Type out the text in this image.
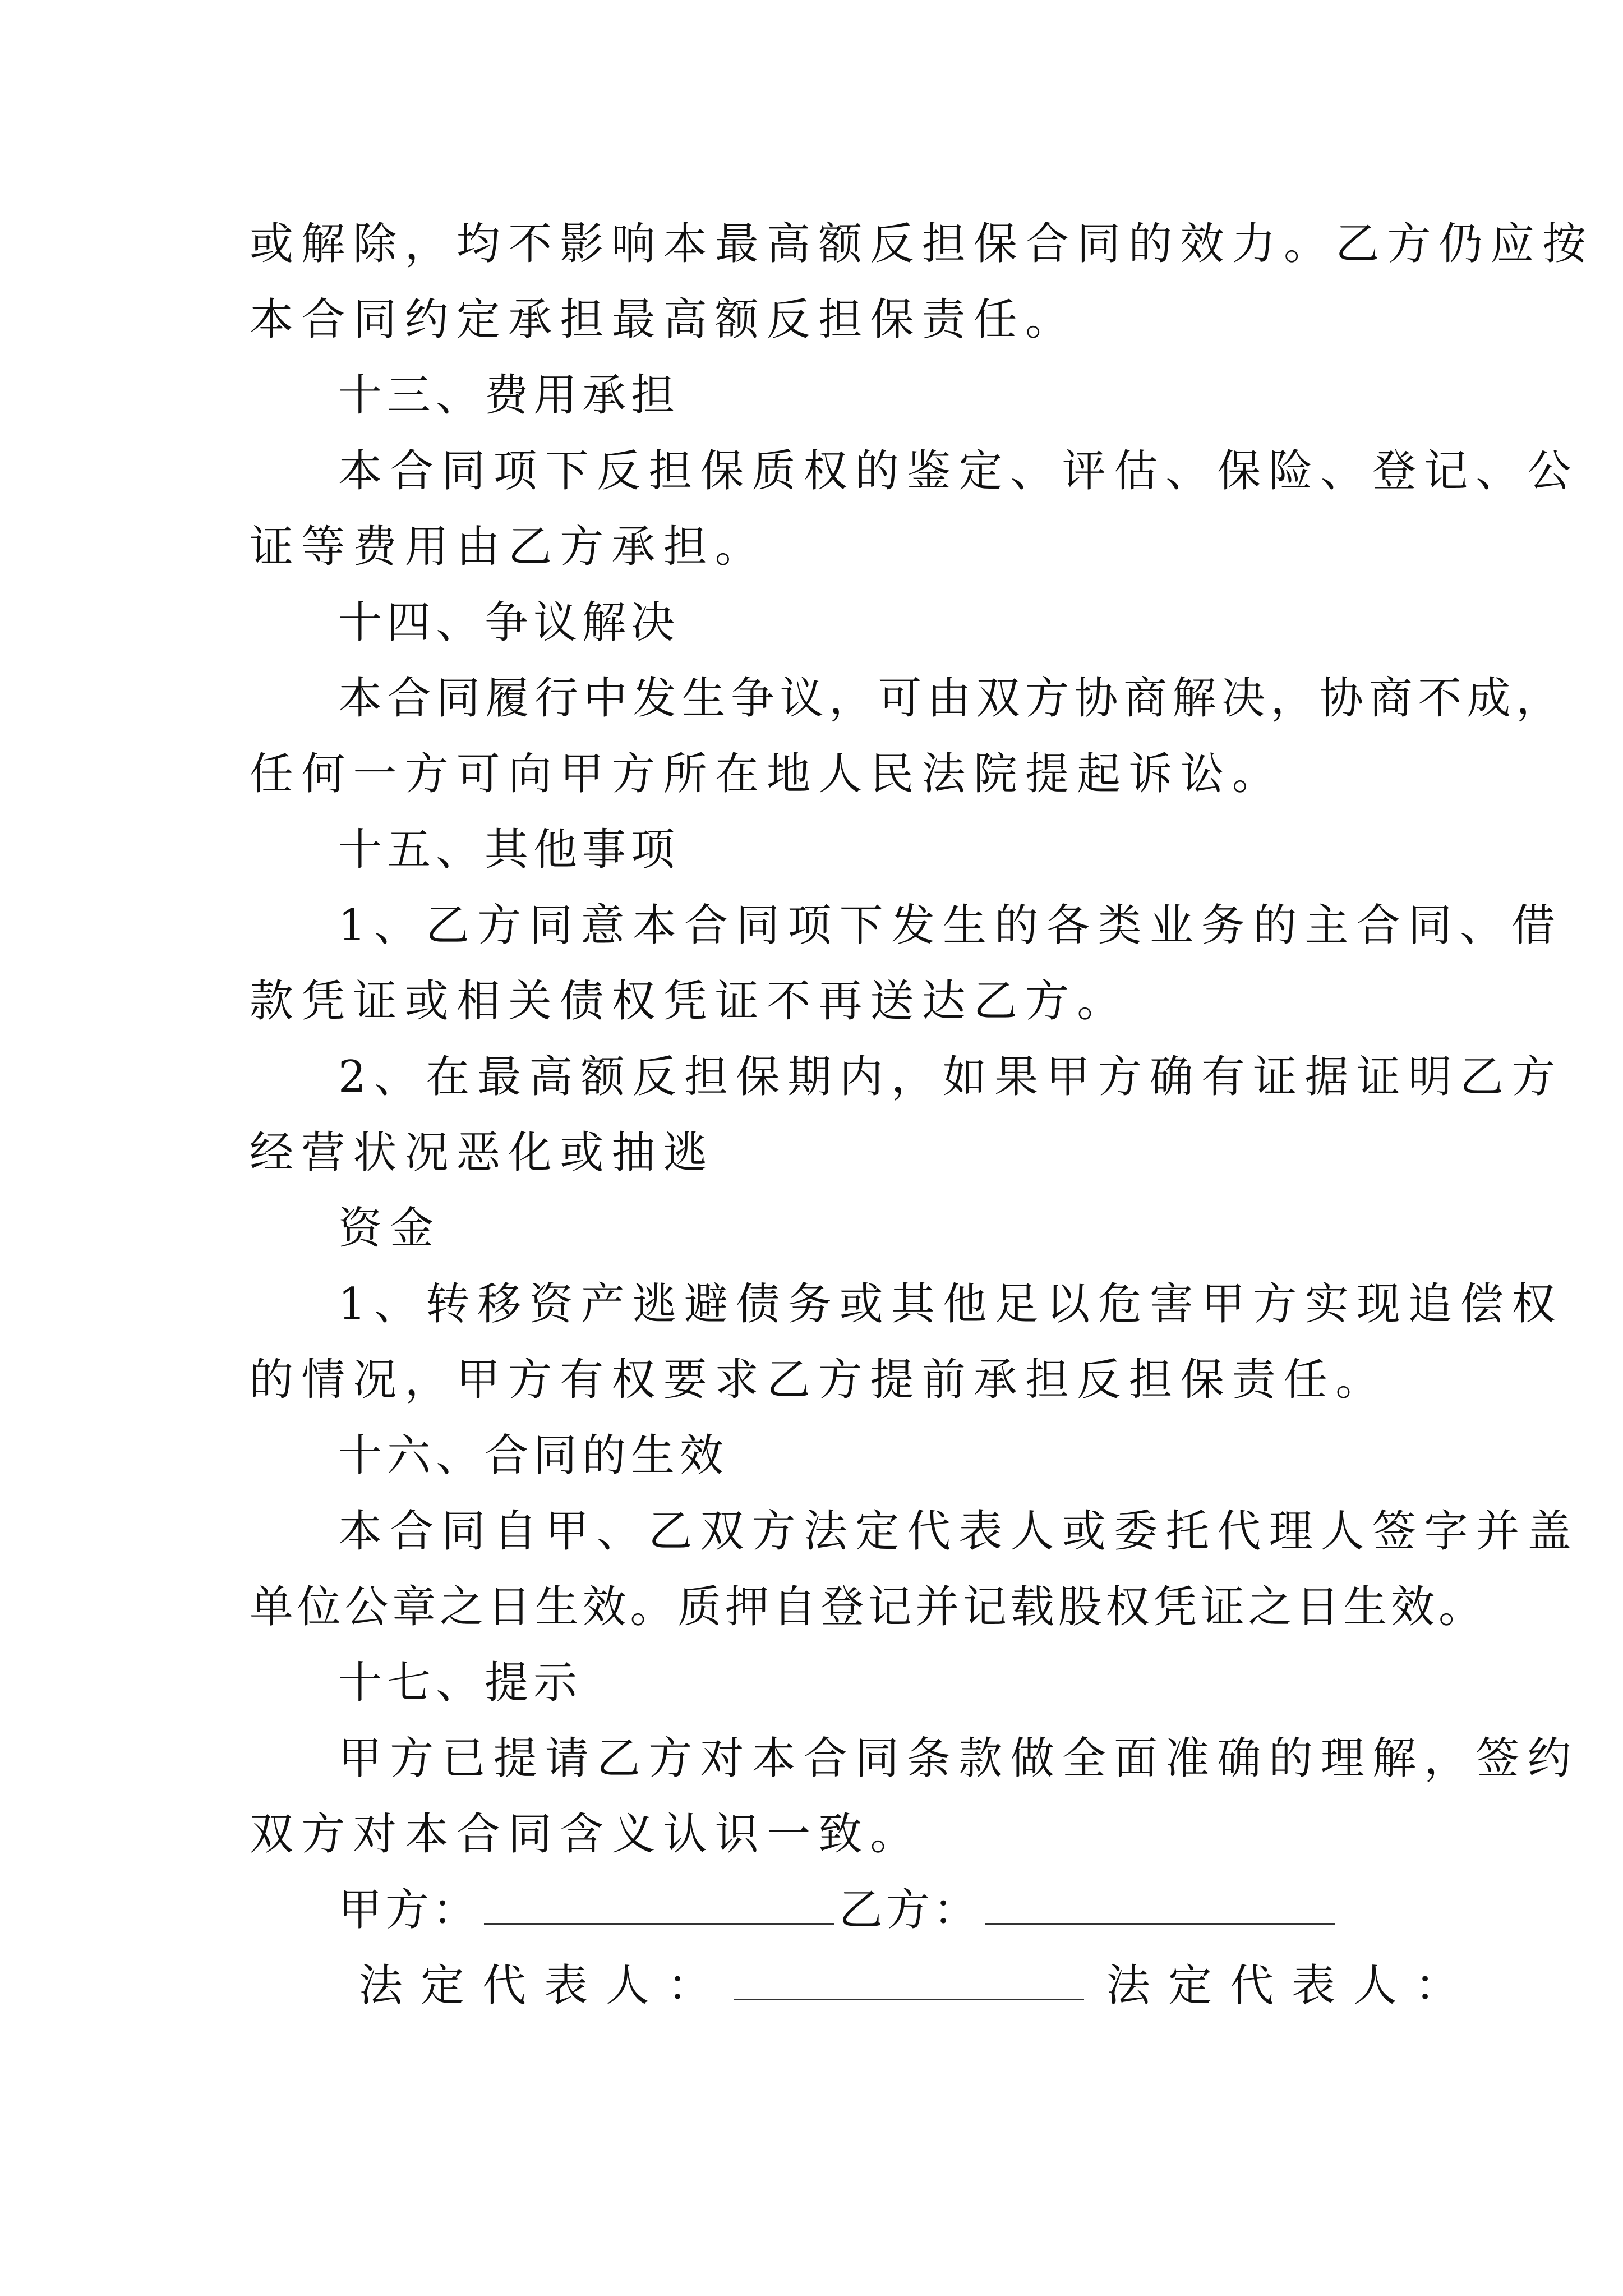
或解除，均不影响本最高额反担保合同的效力。乙方仍应按
本合同约定承担最高额反担保责任。
十三、费用承担
本合同项下反担保质权的鉴定、评估、保险、登记、公
证等费用由乙方承担。
十四、争议解决
本合同履行中发生争议，可由双方协商解决，协商不成，
任何一方可向甲方所在地人民法院提起诉讼。
十五、其他事项
1、乙方同意本合同项下发生的各类业务的主合同、借
款凭证或相关债权凭证不再送达乙方。
2、在最高额反担保期内，如果甲方确有证据证明乙方
经营状况恶化或抽逃
资金
1、转移资产逃避债务或其他足以危害甲方实现追偿权
的情况，甲方有权要求乙方提前承担反担保责任。
十六、合同的生效
本合同自甲、乙双方法定代表人或委托代理人签字并盖
单位公章之日生效。质押自登记并记载股权凭证之日生效。
十七、提示
甲方已提请乙方对本合同条款做全面准确的理解，签约
双方对本合同含义认识一致。
甲方：	乙方：
法定代表人：	法定代表人：
